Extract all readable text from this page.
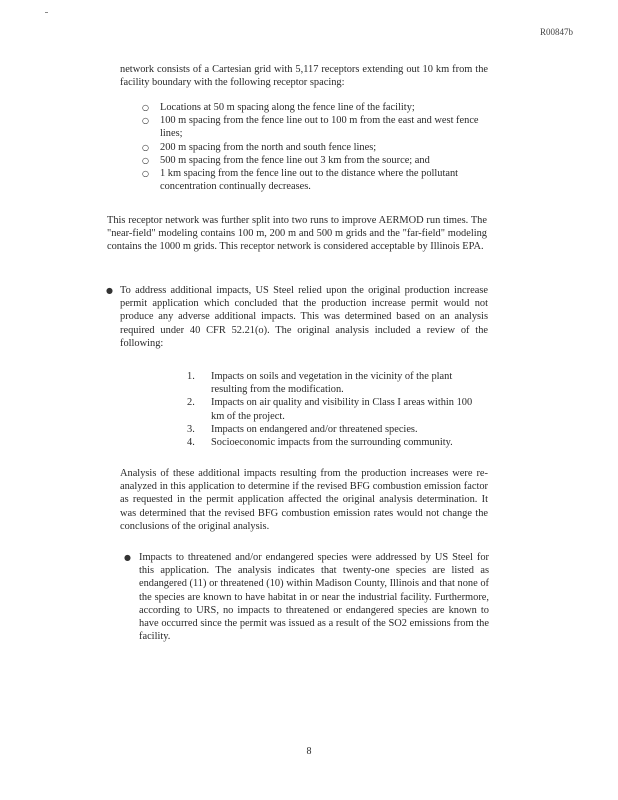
R00847b
network consists of a Cartesian grid with 5,117 receptors extending out 10 km from the facility boundary with the following receptor spacing:
○ Locations at 50 m spacing along the fence line of the facility;
○ 100 m spacing from the fence line out to 100 m from the east and west fence lines;
○ 200 m spacing from the north and south fence lines;
○ 500 m spacing from the fence line out 3 km from the source; and
○ 1 km spacing from the fence line out to the distance where the pollutant concentration continually decreases.
This receptor network was further split into two runs to improve AERMOD run times. The "near-field" modeling contains 100 m, 200 m and 500 m grids and the "far-field" modeling contains the 1000 m grids. This receptor network is considered acceptable by Illinois EPA.
● To address additional impacts, US Steel relied upon the original production increase permit application which concluded that the production increase permit would not produce any adverse additional impacts. This was determined based on an analysis required under 40 CFR 52.21(o). The original analysis included a review of the following:
1. Impacts on soils and vegetation in the vicinity of the plant resulting from the modification.
2. Impacts on air quality and visibility in Class I areas within 100 km of the project.
3. Impacts on endangered and/or threatened species.
4. Socioeconomic impacts from the surrounding community.
Analysis of these additional impacts resulting from the production increases were re-analyzed in this application to determine if the revised BFG combustion emission factor as requested in the permit application affected the original analysis determination. It was determined that the revised BFG combustion emission rates would not change the conclusions of the original analysis.
● Impacts to threatened and/or endangered species were addressed by US Steel for this application. The analysis indicates that twenty-one species are listed as endangered (11) or threatened (10) within Madison County, Illinois and that none of the species are known to have habitat in or near the industrial facility. Furthermore, according to URS, no impacts to threatened or endangered species are known to have occurred since the permit was issued as a result of the SO2 emissions from the facility.
8
